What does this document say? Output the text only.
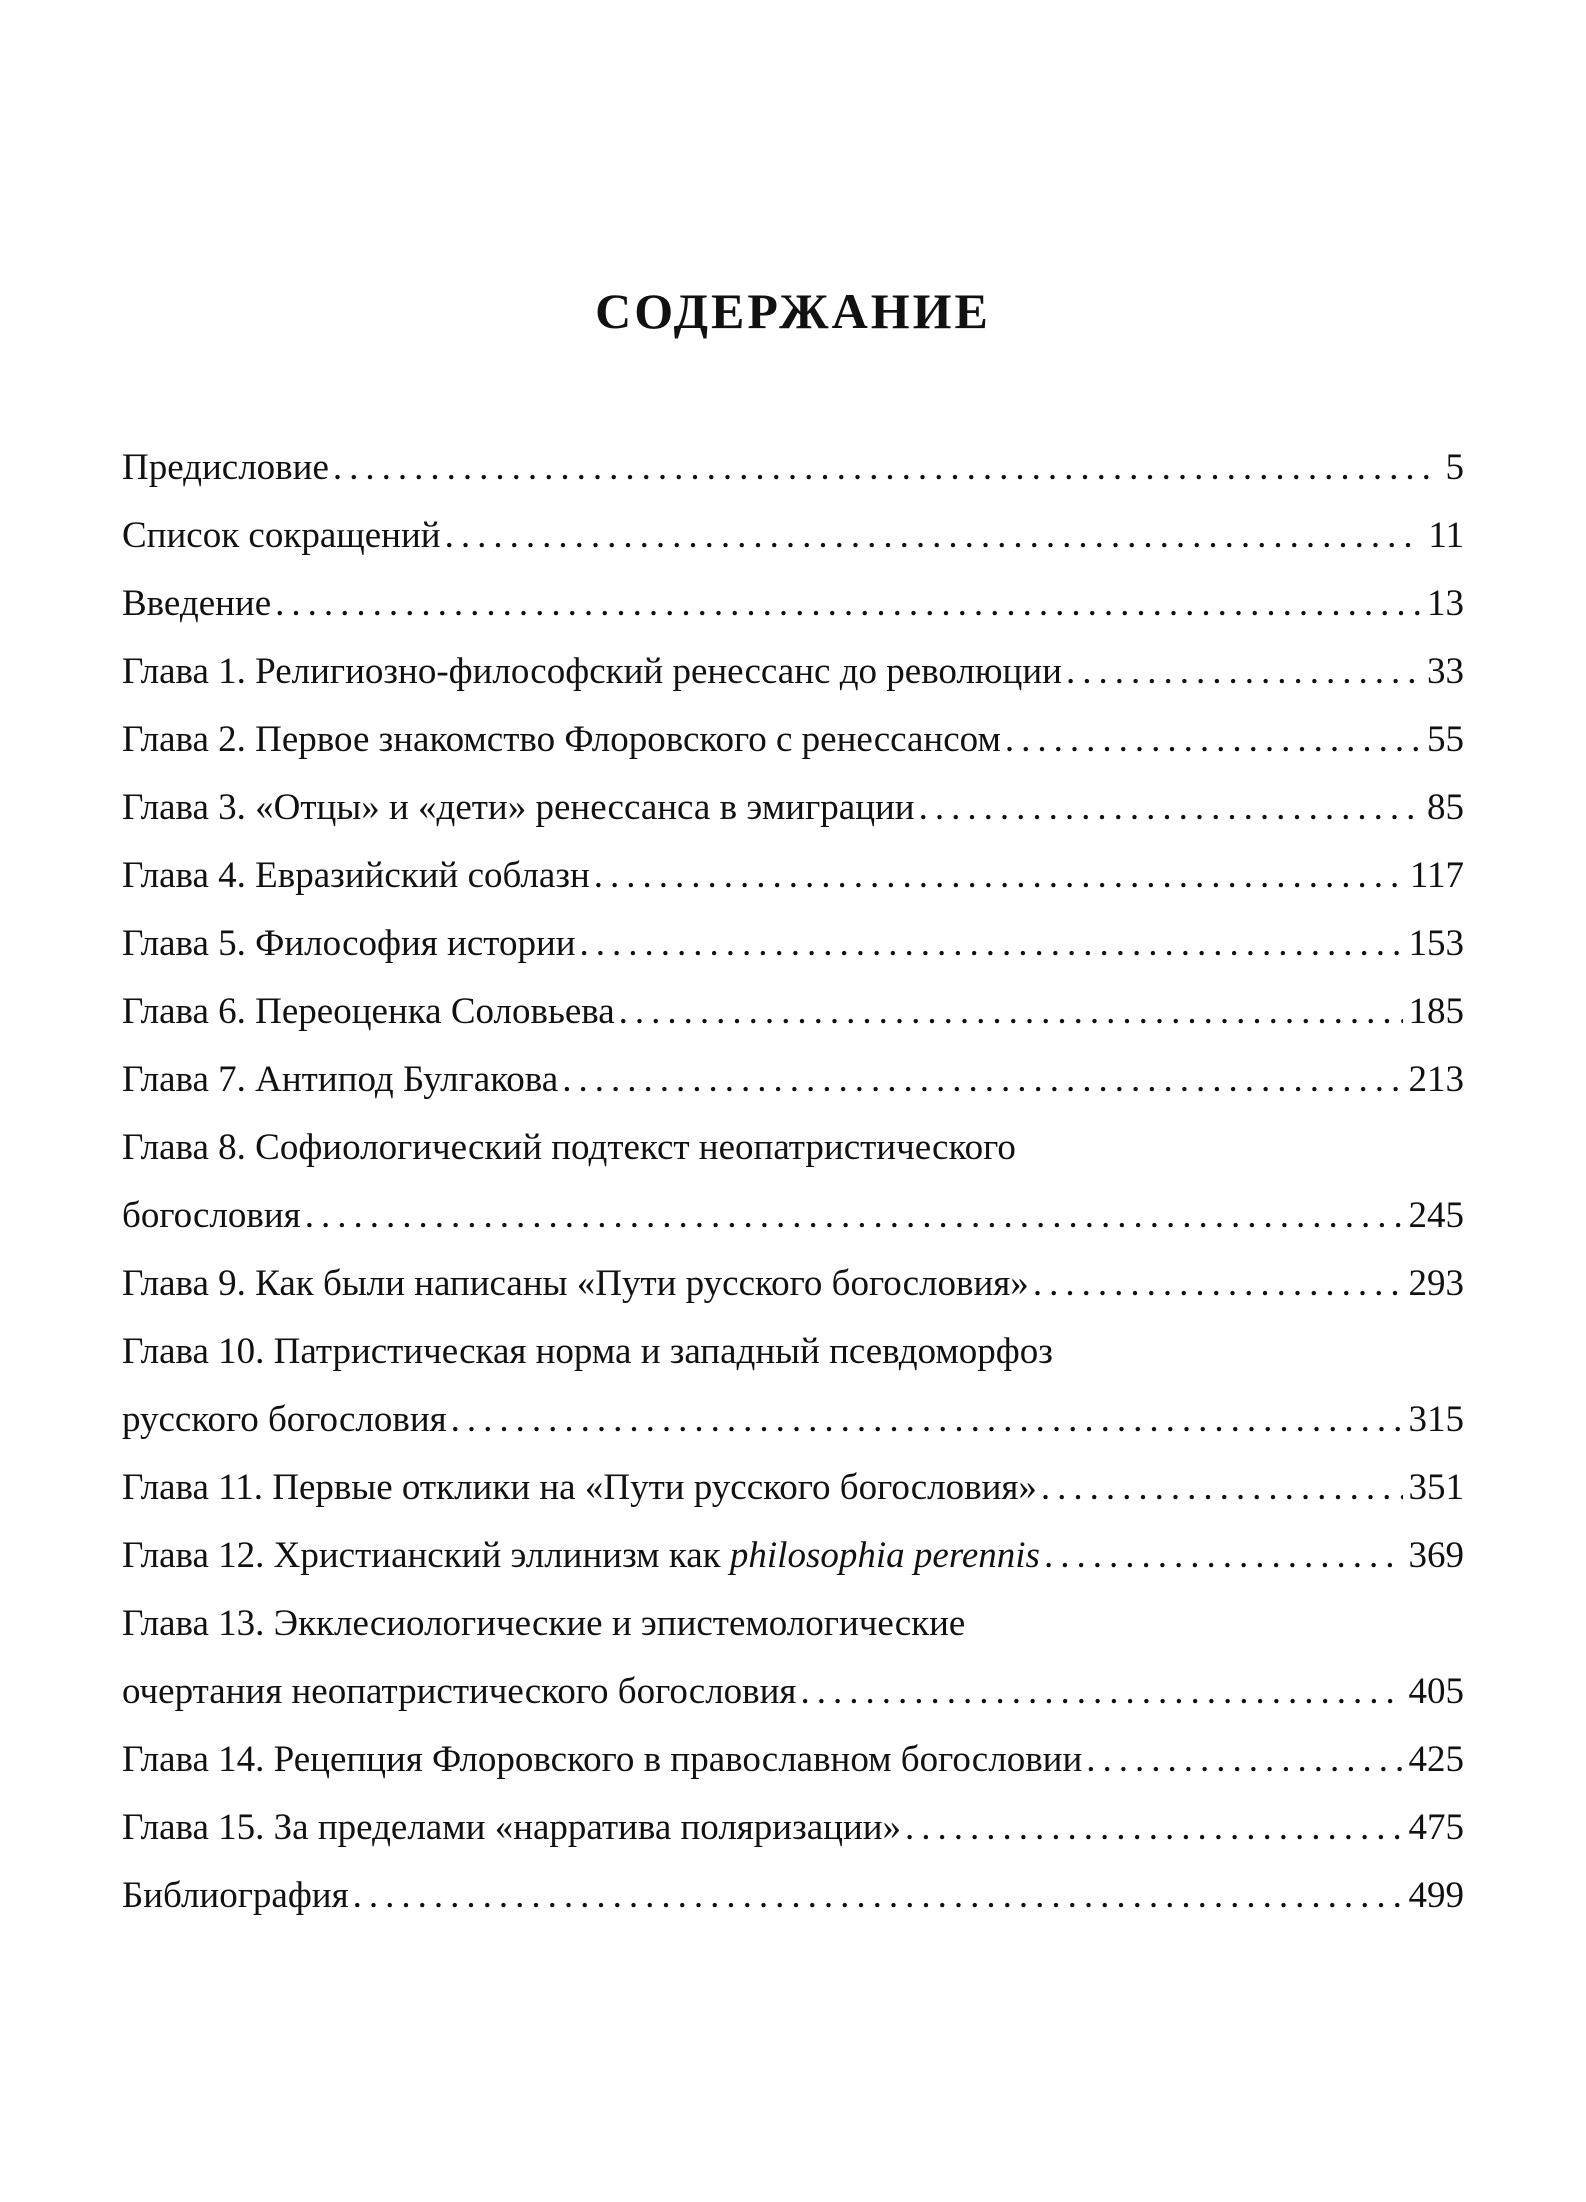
СОДЕРЖАНИЕ
Предисловие .....	5
Список сокращений .....	11
Введение .....	13
Глава 1. Религиозно-философский ренессанс до революции .....	33
Глава 2. Первое знакомство Флоровского с ренессансом .....	55
Глава 3. «Отцы» и «дети» ренессанса в эмиграции .....	85
Глава 4. Евразийский соблазн .....	117
Глава 5. Философия истории .....	153
Глава 6. Переоценка Соловьева .....	185
Глава 7. Антипод Булгакова .....	213
Глава 8. Софиологический подтекст неопатристического
богословия .....	245
Глава 9. Как были написаны «Пути русского богословия» .....	293
Глава 10. Патристическая норма и западный псевдоморфоз
русского богословия .....	315
Глава 11. Первые отклики на «Пути русского богословия» .....	351
Глава 12. Христианский эллинизм как philosophia perennis .....	369
Глава 13. Экклесиологические и эпистемологические
очертания неопатристического богословия .....	405
Глава 14. Рецепция Флоровского в православном богословии .....	425
Глава 15. За пределами «нарратива поляризации» .....	475
Библиография .....	499
